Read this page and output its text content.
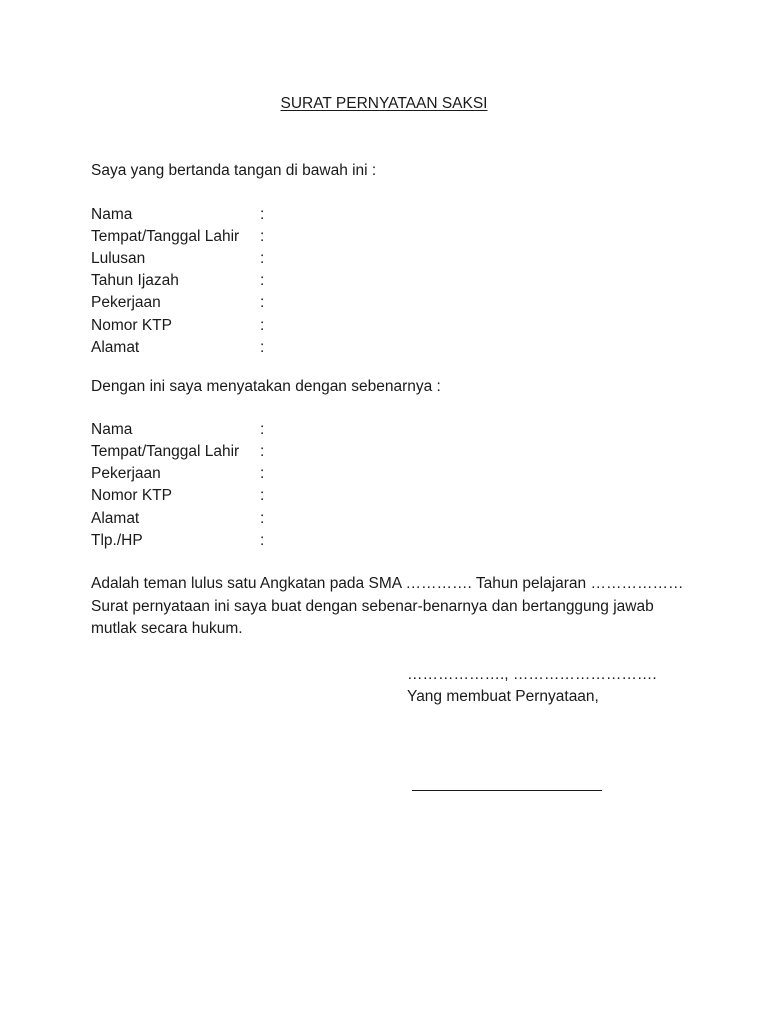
SURAT PERNYATAAN SAKSI
Saya yang bertanda tangan di bawah ini :
Nama	:
Tempat/Tanggal Lahir :
Lulusan	:
Tahun Ijazah	:
Pekerjaan	:
Nomor KTP	:
Alamat	:
Dengan ini saya menyatakan dengan sebenarnya :
Nama	:
Tempat/Tanggal Lahir :
Pekerjaan	:
Nomor KTP	:
Alamat	:
Tlp./HP	:

Adalah teman lulus satu Angkatan pada SMA …………. Tahun pelajaran ………………

Surat pernyataan ini saya buat dengan sebenar-benarnya dan bertanggung jawab

mutlak secara hukum.

………………., ……………………….
Yang membuat Pernyataan,
